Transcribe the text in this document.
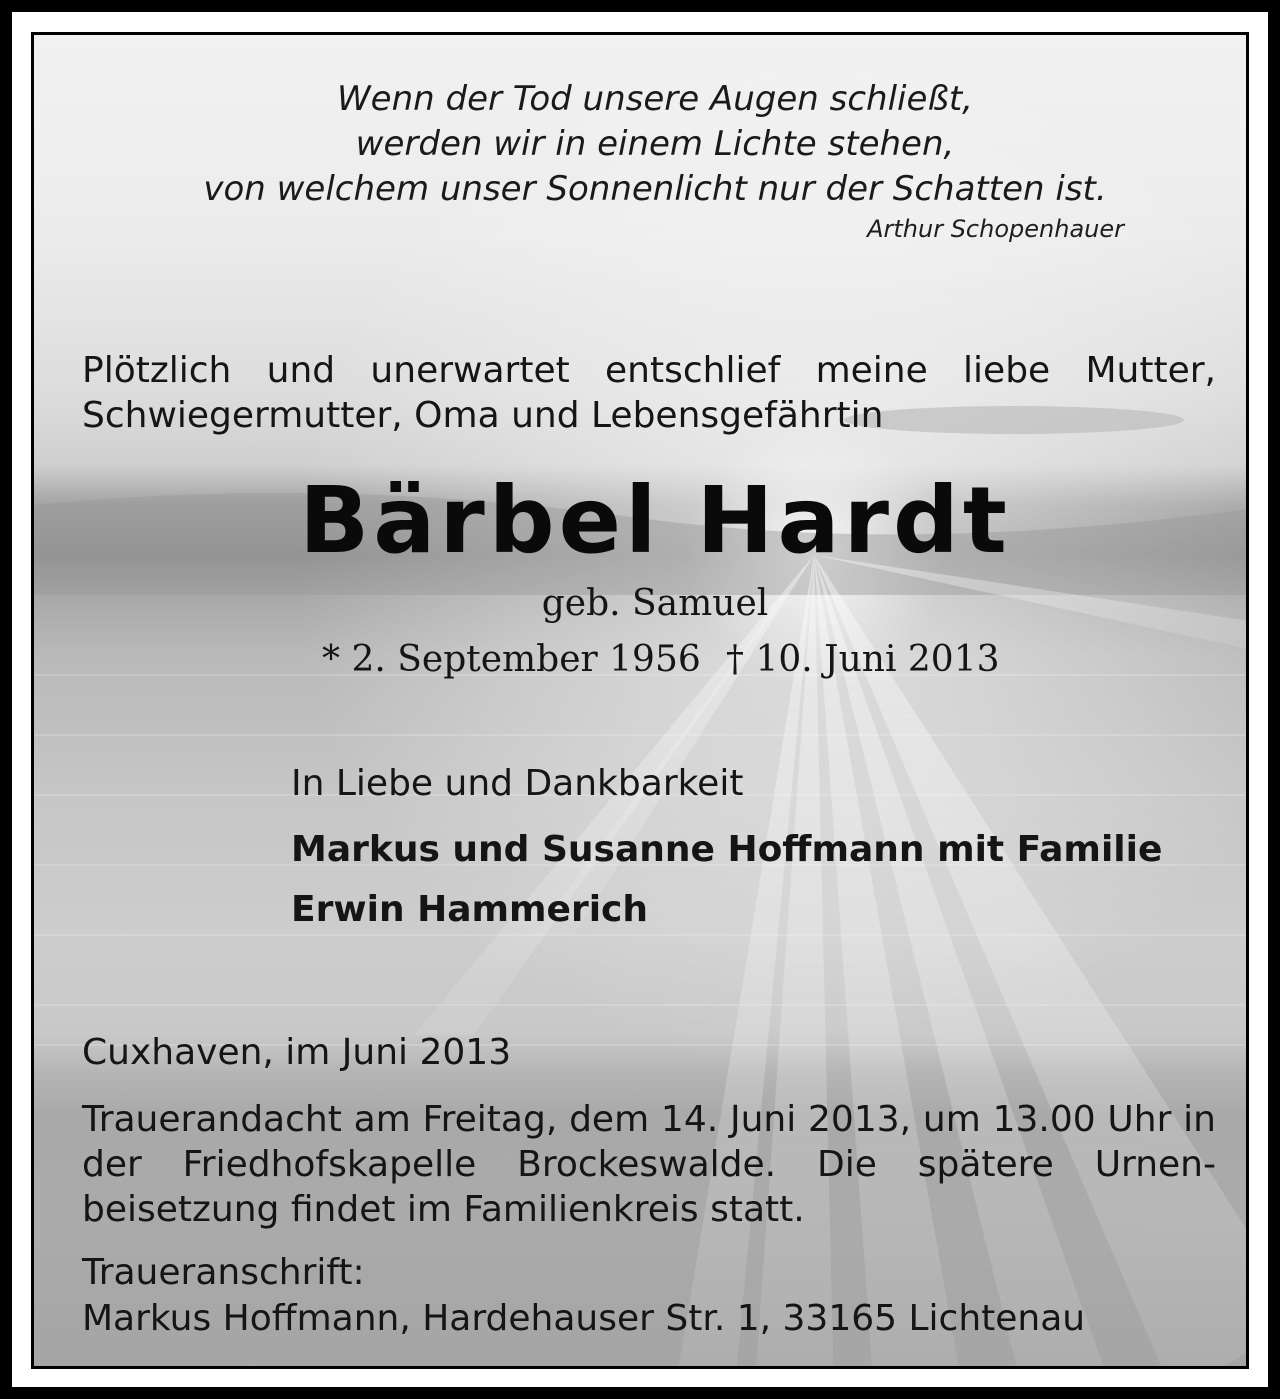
Wenn der Tod unsere Augen schließt,

werden wir in einem Lichte stehen,

von welchem unser Sonnenlicht nur der Schatten ist.

Arthur Schopenhauer

Plötzlich und unerwartet entschlief meine liebe Mutter, Schwiegermutter, Oma und Lebensgefährtin

Bärbel Hardt

geb. Samuel

* 2. September 1956 † 10. Juni 2013

In Liebe und Dankbarkeit

Markus und Susanne Hoffmann mit Familie

Erwin Hammerich

Cuxhaven, im Juni 2013

Trauerandacht am Freitag, dem 14. Juni 2013, um 13.00 Uhr in der Friedhofskapelle Brockeswalde. Die spätere Urnenbeisetzung findet im Familienkreis statt.

Traueranschrift:

Markus Hoffmann, Hardehauser Str. 1, 33165 Lichtenau
